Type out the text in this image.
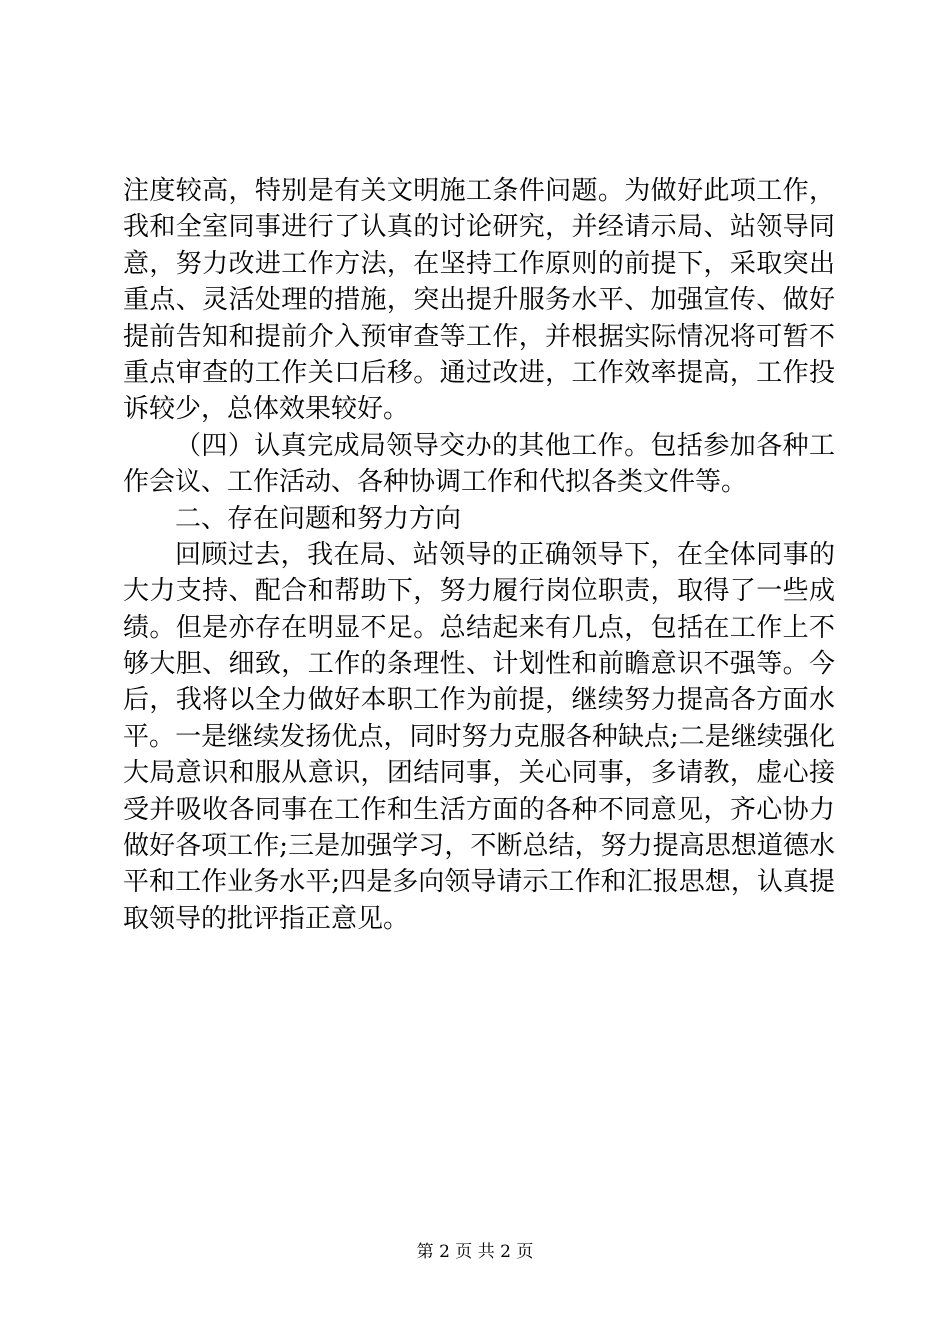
注度较高，特别是有关文明施工条件问题。为做好此项工作，
我和全室同事进行了认真的讨论研究，并经请示局、站领导同
意，努力改进工作方法，在坚持工作原则的前提下，采取突出
重点、灵活处理的措施，突出提升服务水平、加强宣传、做好
提前告知和提前介入预审查等工作，并根据实际情况将可暂不
重点审查的工作关口后移。通过改进，工作效率提高，工作投
诉较少，总体效果较好。
（四）认真完成局领导交办的其他工作。包括参加各种工
作会议、工作活动、各种协调工作和代拟各类文件等。
二、存在问题和努力方向
回顾过去，我在局、站领导的正确领导下，在全体同事的
大力支持、配合和帮助下，努力履行岗位职责，取得了一些成
绩。但是亦存在明显不足。总结起来有几点，包括在工作上不
够大胆、细致，工作的条理性、计划性和前瞻意识不强等。今
后，我将以全力做好本职工作为前提，继续努力提高各方面水
平。一是继续发扬优点，同时努力克服各种缺点;二是继续强化
大局意识和服从意识，团结同事，关心同事，多请教，虚心接
受并吸收各同事在工作和生活方面的各种不同意见，齐心协力
做好各项工作;三是加强学习，不断总结，努力提高思想道德水
平和工作业务水平;四是多向领导请示工作和汇报思想，认真提
取领导的批评指正意见。
第 2 页 共 2 页
